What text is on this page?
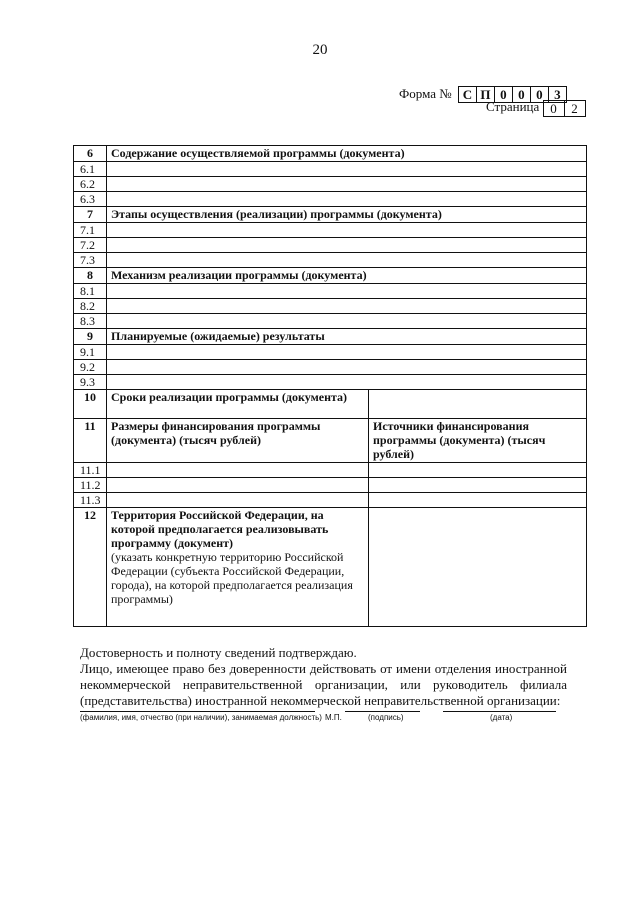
20
Форма № С П 0 0 0 3
Страница 0	2
6	Содержание осуществляемой программы (документа)	
6.1		
6.2		
6.3		
7	Этапы осуществления (реализации) программы (документа)	
7.1		
7.2		
7.3		
8	Механизм реализации программы (документа)	
8.1		
8.2		
8.3		
9	Планируемые (ожидаемые) результаты	
9.1		
9.2		
9.3		
10	Сроки реализации программы (документа)	
11	Размеры финансирования программы (документа) (тысяч рублей)	Источники финансирования программы (документа) (тысяч рублей)
11.1		
11.2		
11.3		
12	Территория Российской Федерации, на которой предполагается реализовывать программу (документ)
(указать конкретную территорию Российской Федерации (субъекта Российской Федерации, города), на которой предполагается реализация программы)	

Достоверность и полноту сведений подтверждаю.
Лицо, имеющее право без доверенности действовать от имени отделения иностранной некоммерческой неправительственной организации, или руководитель филиала (представительства) иностранной некоммерческой неправительственной организации:
(фамилия, имя, отчество (при наличии), занимаемая должность) М.П.	(подпись)	(дата)
